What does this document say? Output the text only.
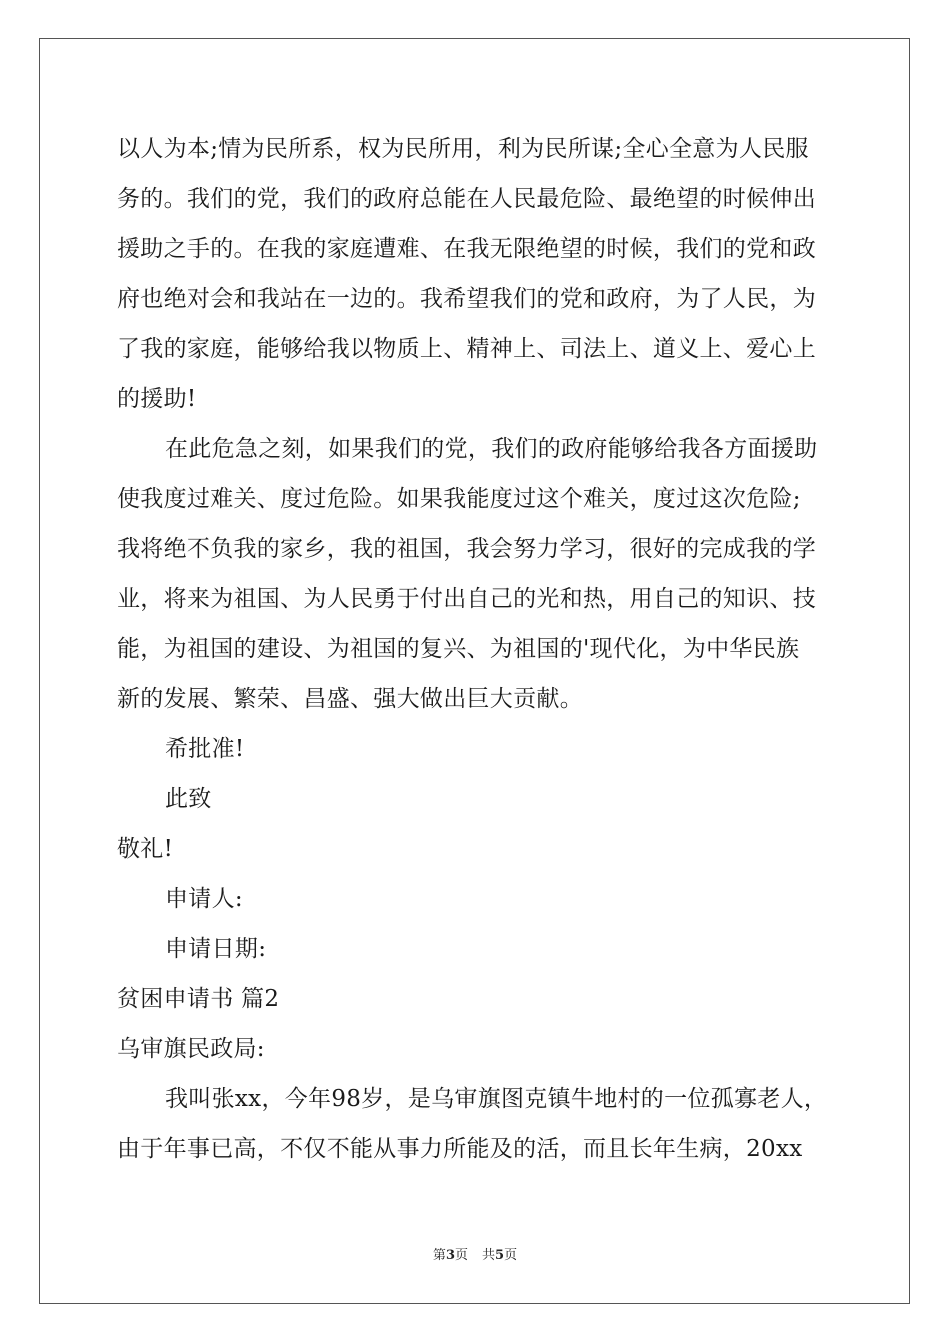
以人为本;情为民所系，权为民所用，利为民所谋;全心全意为人民服
务的。我们的党，我们的政府总能在人民最危险、最绝望的时候伸出
援助之手的。在我的家庭遭难、在我无限绝望的时候，我们的党和政
府也绝对会和我站在一边的。我希望我们的党和政府，为了人民，为
了我的家庭，能够给我以物质上、精神上、司法上、道义上、爱心上
的援助!
在此危急之刻，如果我们的党，我们的政府能够给我各方面援助
使我度过难关、度过危险。如果我能度过这个难关，度过这次危险;
我将绝不负我的家乡，我的祖国，我会努力学习，很好的完成我的学
业，将来为祖国、为人民勇于付出自己的光和热，用自己的知识、技
能，为祖国的建设、为祖国的复兴、为祖国的'现代化，为中华民族
新的发展、繁荣、昌盛、强大做出巨大贡献。
希批准!
此致
敬礼!
申请人:
申请日期:
贫困申请书 篇2
乌审旗民政局:
我叫张xx，今年98岁，是乌审旗图克镇牛地村的一位孤寡老人，
由于年事已高，不仅不能从事力所能及的活，而且长年生病，20xx
第3页 共5页
